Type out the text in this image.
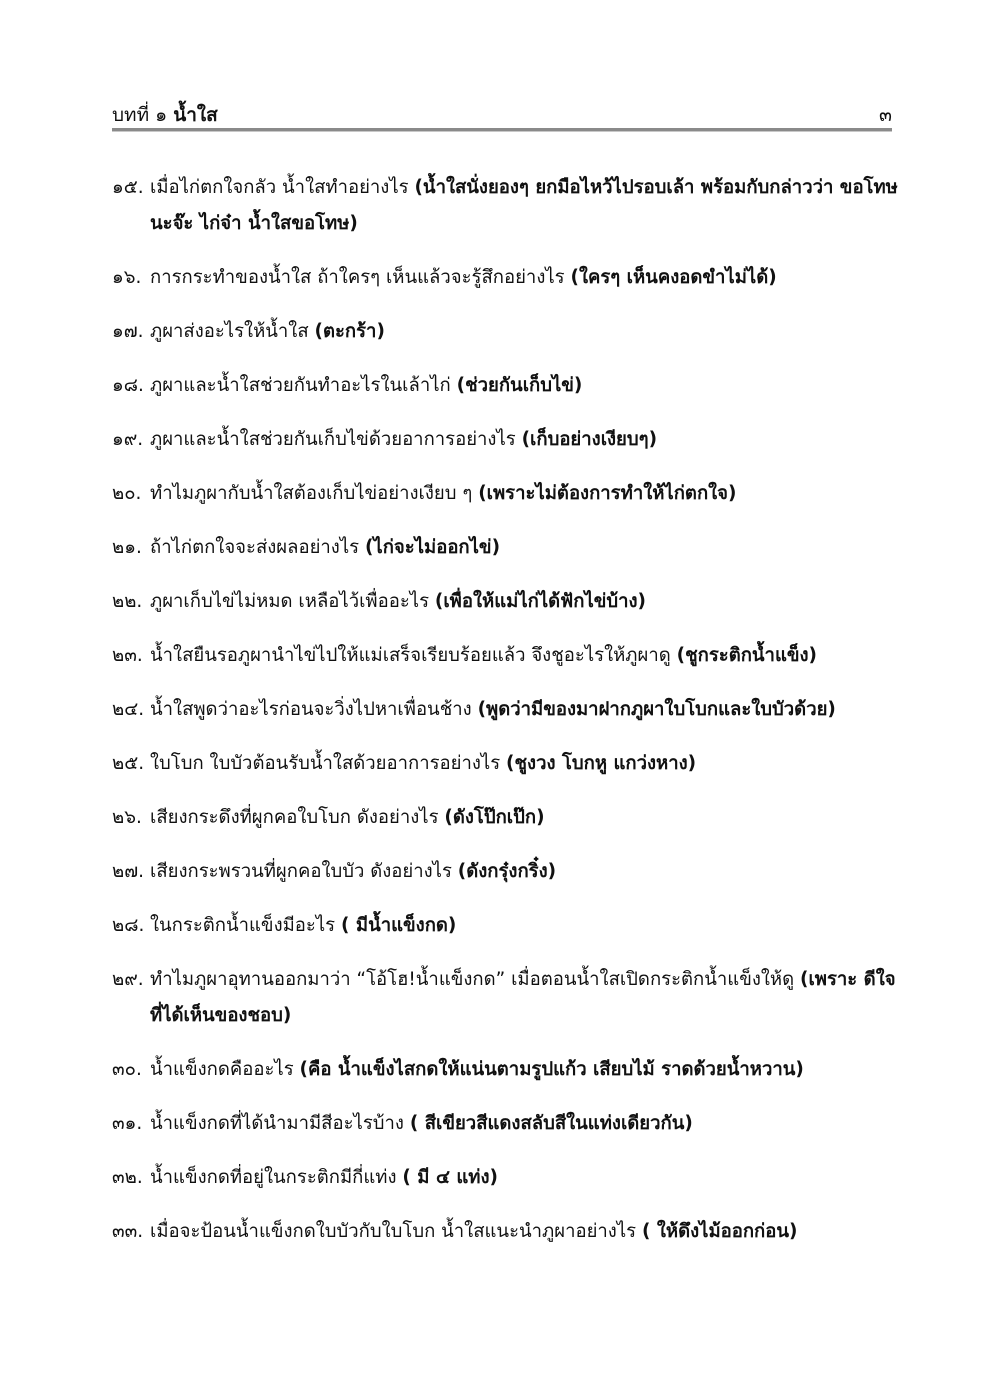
บทที่ ๑ น้ำใส	๓
๑๕. เมื่อไก่ตกใจกลัว น้ำใสทำอย่างไร (น้ำใสนั่งยองๆ ยกมือไหว้ไปรอบเล้า พร้อมกับกล่าวว่า ขอโทษนะจ๊ะ ไก่จ๋า น้ำใสขอโทษ)
๑๖. การกระทำของน้ำใส ถ้าใครๆ เห็นแล้วจะรู้สึกอย่างไร (ใครๆ เห็นคงอดขำไม่ได้)
๑๗. ภูผาส่งอะไรให้น้ำใส (ตะกร้า)
๑๘. ภูผาและน้ำใสช่วยกันทำอะไรในเล้าไก่ (ช่วยกันเก็บไข่)
๑๙. ภูผาและน้ำใสช่วยกันเก็บไข่ด้วยอาการอย่างไร (เก็บอย่างเงียบๆ)
๒๐. ทำไมภูผากับน้ำใสต้องเก็บไข่อย่างเงียบ ๆ (เพราะไม่ต้องการทำให้ไก่ตกใจ)
๒๑. ถ้าไก่ตกใจจะส่งผลอย่างไร (ไก่จะไม่ออกไข่)
๒๒. ภูผาเก็บไข่ไม่หมด เหลือไว้เพื่ออะไร (เพื่อให้แม่ไก่ได้ฟักไข่บ้าง)
๒๓. น้ำใสยืนรอภูผานำไข่ไปให้แม่เสร็จเรียบร้อยแล้ว จึงชูอะไรให้ภูผาดู (ชูกระติกน้ำแข็ง)
๒๔. น้ำใสพูดว่าอะไรก่อนจะวิ่งไปหาเพื่อนช้าง (พูดว่ามีของมาฝากภูผาใบโบกและใบบัวด้วย)
๒๕. ใบโบก ใบบัวต้อนรับน้ำใสด้วยอาการอย่างไร (ชูงวง โบกหู แกว่งหาง)
๒๖. เสียงกระดึงที่ผูกคอใบโบก ดังอย่างไร (ดังโป๊กเป๊ก)
๒๗. เสียงกระพรวนที่ผูกคอใบบัว ดังอย่างไร (ดังกรุ๋งกริ๋ง)
๒๘. ในกระติกน้ำแข็งมีอะไร ( มีน้ำแข็งกด)
๒๙. ทำไมภูผาอุทานออกมาว่า “โอ้โฮ!น้ำแข็งกด” เมื่อตอนน้ำใสเปิดกระติกน้ำแข็งให้ดู (เพราะ ดีใจที่ได้เห็นของชอบ)
๓๐. น้ำแข็งกดคืออะไร (คือ น้ำแข็งไสกดให้แน่นตามรูปแก้ว เสียบไม้ ราดด้วยน้ำหวาน)
๓๑. น้ำแข็งกดที่ได้นำมามีสีอะไรบ้าง ( สีเขียวสีแดงสลับสีในแท่งเดียวกัน)
๓๒. น้ำแข็งกดที่อยู่ในกระติกมีกี่แท่ง ( มี ๔ แท่ง)
๓๓. เมื่อจะป้อนน้ำแข็งกดใบบัวกับใบโบก น้ำใสแนะนำภูผาอย่างไร ( ให้ดึงไม้ออกก่อน)
